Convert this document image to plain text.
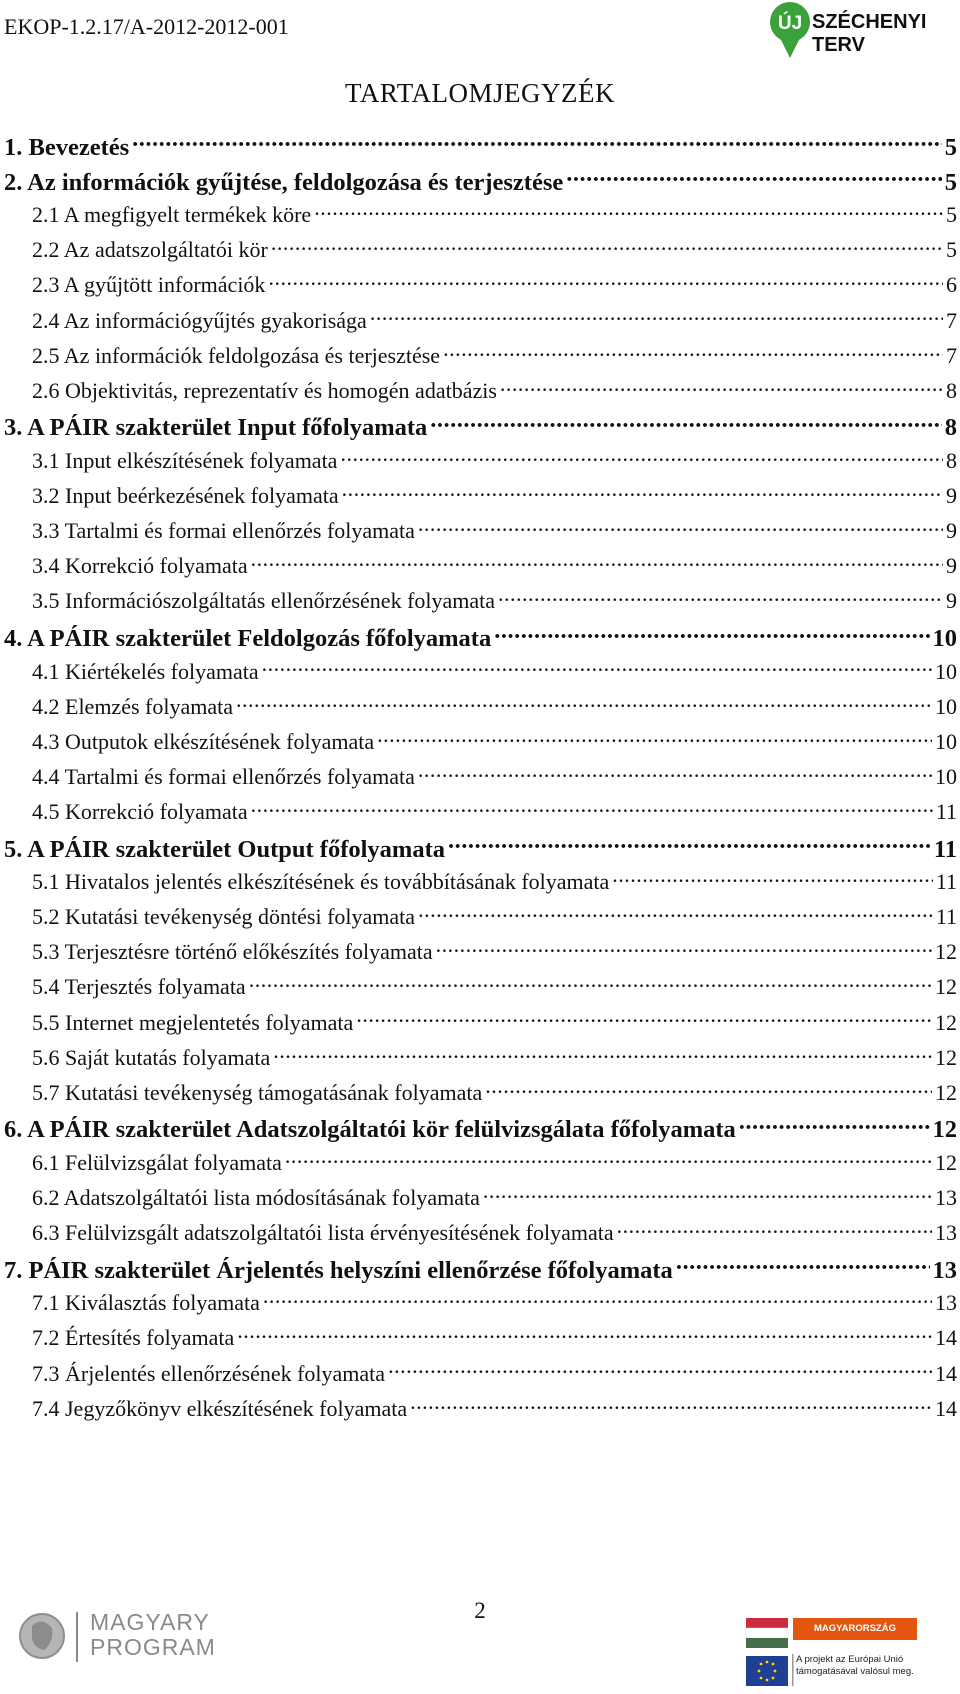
EKOP-1.2.17/A-2012-2012-001	ÚJ SZÉCHENYI TERV
TARTALOMJEGYZÉK
1. Bevezetés .....	5
2. Az információk gyűjtése, feldolgozása és terjesztése .....	5
2.1 A megfigyelt termékek köre .....	5
2.2 Az adatszolgáltatói kör .....	5
2.3 A gyűjtött információk .....	6
2.4 Az információgyűjtés gyakorisága .....	7
2.5 Az információk feldolgozása és terjesztése .....	7
2.6 Objektivitás, reprezentatív és homogén adatbázis .....	8
3. A PÁIR szakterület Input főfolyamata .....	8
3.1 Input elkészítésének folyamata .....	8
3.2 Input beérkezésének folyamata .....	9
3.3 Tartalmi és formai ellenőrzés folyamata .....	9
3.4 Korrekció folyamata .....	9
3.5 Információszolgáltatás ellenőrzésének folyamata .....	9
4. A PÁIR szakterület Feldolgozás főfolyamata .....	10
4.1 Kiértékelés folyamata .....	10
4.2 Elemzés folyamata .....	10
4.3 Outputok elkészítésének folyamata .....	10
4.4 Tartalmi és formai ellenőrzés folyamata .....	10
4.5 Korrekció folyamata .....	11
5. A PÁIR szakterület Output főfolyamata .....	11
5.1 Hivatalos jelentés elkészítésének és továbbításának folyamata .....	11
5.2 Kutatási tevékenység döntési folyamata .....	11
5.3 Terjesztésre történő előkészítés folyamata .....	12
5.4 Terjesztés folyamata .....	12
5.5 Internet megjelentetés folyamata .....	12
5.6 Saját kutatás folyamata .....	12
5.7 Kutatási tevékenység támogatásának folyamata .....	12
6. A PÁIR szakterület Adatszolgáltatói kör felülvizsgálata főfolyamata .....	12
6.1 Felülvizsgálat folyamata .....	12
6.2 Adatszolgáltatói lista módosításának folyamata .....	13
6.3 Felülvizsgált adatszolgáltatói lista érvényesítésének folyamata .....	13
7. PÁIR szakterület Árjelentés helyszíni ellenőrzése főfolyamata .....	13
7.1 Kiválasztás folyamata .....	13
7.2 Értesítés folyamata .....	14
7.3 Árjelentés ellenőrzésének folyamata .....	14
7.4 Jegyzőkönyv elkészítésének folyamata .....	14
2
MAGYARY
PROGRAM
MAGYARORSZÁG MEGÚJUL
A projekt az Európai Unió támogatásával valósul meg.
